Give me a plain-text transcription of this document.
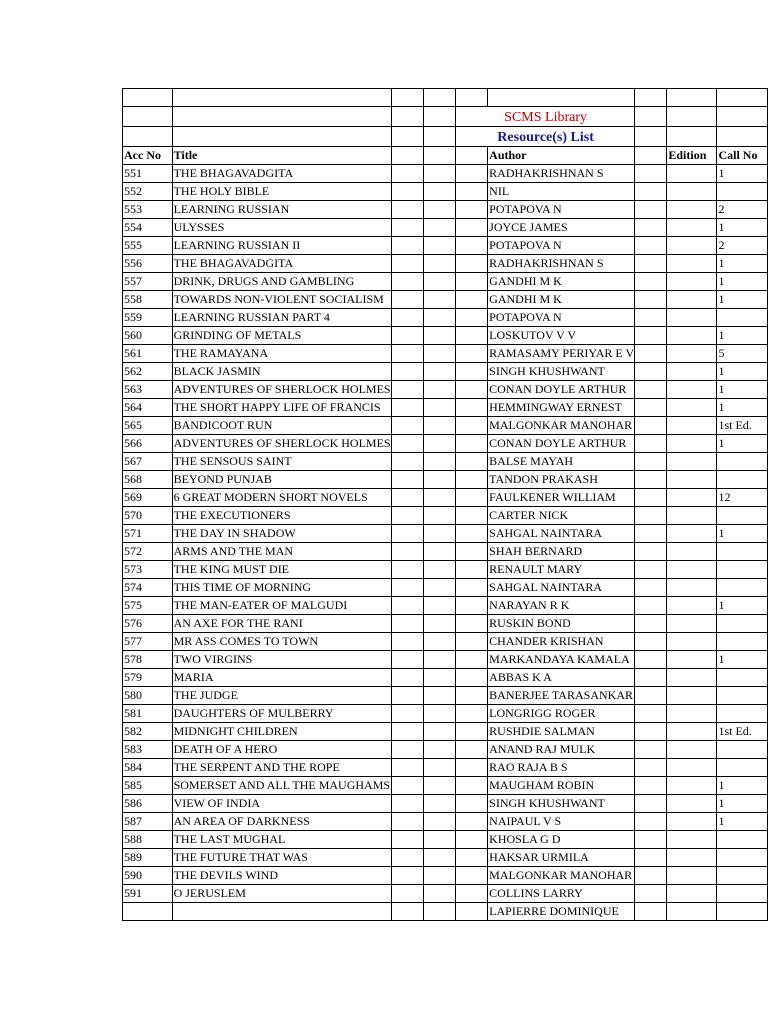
				SCMS Library				
				Resource(s) List				
Acc No	Title				Author		Edition	Call No
551	THE BHAGAVADGITA				RADHAKRISHNAN S			1
552	THE HOLY BIBLE				NIL			
553	LEARNING RUSSIAN				POTAPOVA N			2
554	ULYSSES				JOYCE JAMES			1
555	LEARNING RUSSIAN II				POTAPOVA N			2
556	THE BHAGAVADGITA				RADHAKRISHNAN S			1
557	DRINK, DRUGS AND GAMBLING				GANDHI M K			1
558	TOWARDS NON-VIOLENT SOCIALISM				GANDHI M K			1
559	LEARNING RUSSIAN PART 4				POTAPOVA N			
560	GRINDING OF METALS				LOSKUTOV V V			1
561	THE RAMAYANA				RAMASAMY PERIYAR E V			5
562	BLACK JASMIN				SINGH KHUSHWANT			1
563	ADVENTURES OF SHERLOCK HOLMES				CONAN DOYLE ARTHUR			1
564	THE SHORT HAPPY LIFE OF FRANCIS				HEMMINGWAY ERNEST			1
565	BANDICOOT RUN				MALGONKAR MANOHAR			1st Ed.
566	ADVENTURES OF SHERLOCK HOLMES				CONAN DOYLE ARTHUR			1
567	THE SENSOUS SAINT				BALSE MAYAH			
568	BEYOND PUNJAB				TANDON PRAKASH			
569	6 GREAT MODERN SHORT NOVELS				FAULKENER WILLIAM			12
570	THE EXECUTIONERS				CARTER NICK			
571	THE DAY IN SHADOW				SAHGAL NAINTARA			1
572	ARMS AND THE MAN				SHAH BERNARD			
573	THE KING MUST DIE				RENAULT MARY			
574	THIS TIME OF MORNING				SAHGAL NAINTARA			
575	THE MAN-EATER OF MALGUDI				NARAYAN R K			1
576	AN AXE FOR THE RANI				RUSKIN BOND			
577	MR ASS COMES TO TOWN				CHANDER KRISHAN			
578	TWO VIRGINS				MARKANDAYA KAMALA			1
579	MARIA				ABBAS K A			
580	THE JUDGE				BANERJEE TARASANKAR			
581	DAUGHTERS OF MULBERRY				LONGRIGG ROGER			
582	MIDNIGHT CHILDREN				RUSHDIE SALMAN			1st Ed.
583	DEATH OF A HERO				ANAND RAJ MULK			
584	THE SERPENT AND THE ROPE				RAO RAJA B S			
585	SOMERSET AND ALL THE MAUGHAMS				MAUGHAM ROBIN			1
586	VIEW OF INDIA				SINGH KHUSHWANT			1
587	AN AREA OF DARKNESS				NAIPAUL V S			1
588	THE LAST MUGHAL				KHOSLA G D			
589	THE FUTURE THAT WAS				HAKSAR URMILA			
590	THE DEVILS WIND				MALGONKAR MANOHAR			
591	O JERUSLEM				COLLINS LARRY			
					LAPIERRE DOMINIQUE			
